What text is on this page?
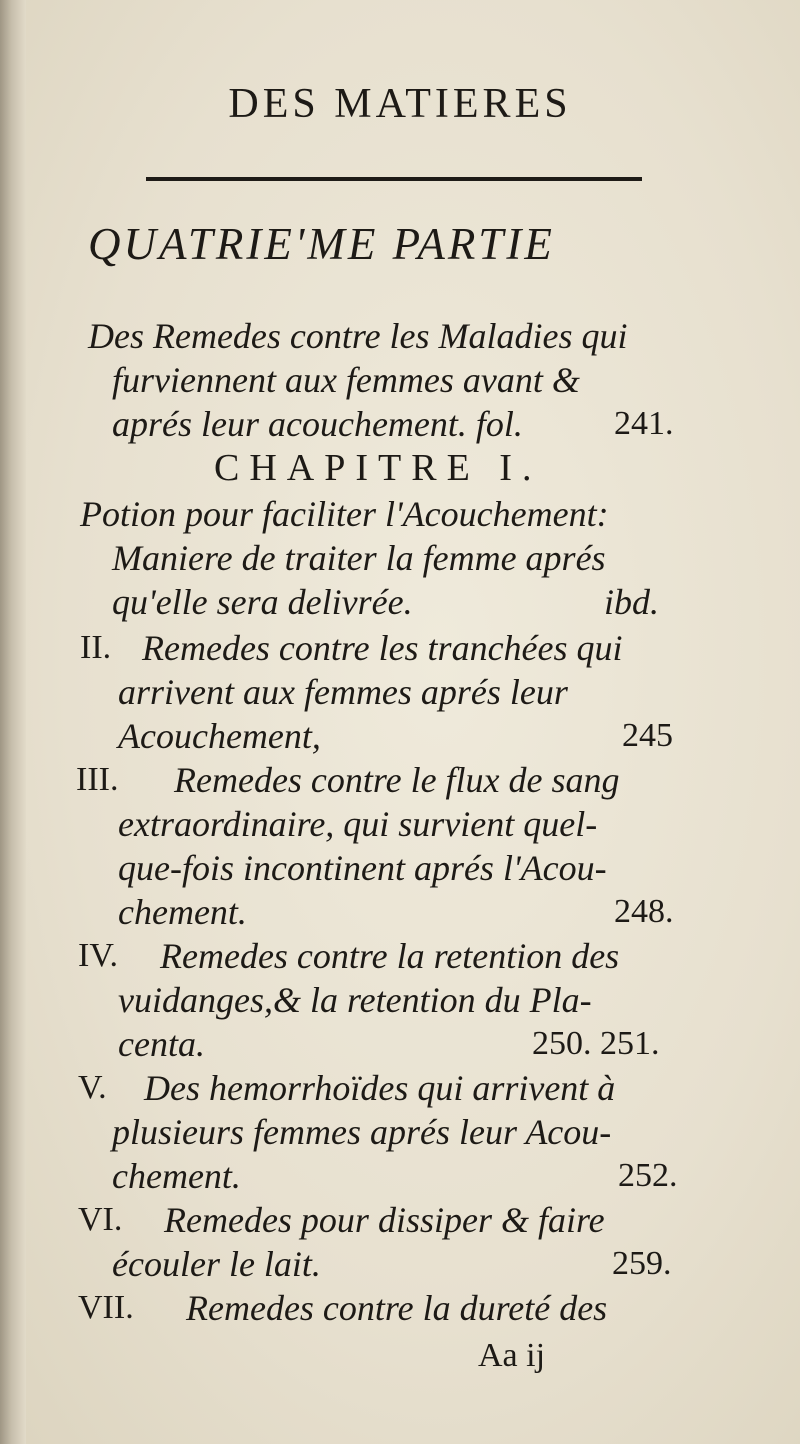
DES MATIERES
QUATRIE'ME PARTIE
Des Remedes contre les Maladies qui
furviennent aux femmes avant &
aprés leur acouchement. fol.	241.
CHAPITRE I.
Potion pour faciliter l'Acouchement:
Maniere de traiter la femme aprés
qu'elle sera delivrée.	ibd.
II. Remedes contre les tranchées qui
arrivent aux femmes aprés leur
Acouchement,	245
III. Remedes contre le flux de sang
extraordinaire, qui survient quel-
que-fois incontinent aprés l'Acou-
chement.	248.
IV. Remedes contre la retention des
vuidanges,& la retention du Pla-
centa.	250. 251.
V. Des hemorrhoïdes qui arrivent à
plusieurs femmes aprés leur Acou-
chement.	252.
VI. Remedes pour dissiper & faire
écouler le lait.	259.
VII. Remedes contre la dureté des
Aa ij
